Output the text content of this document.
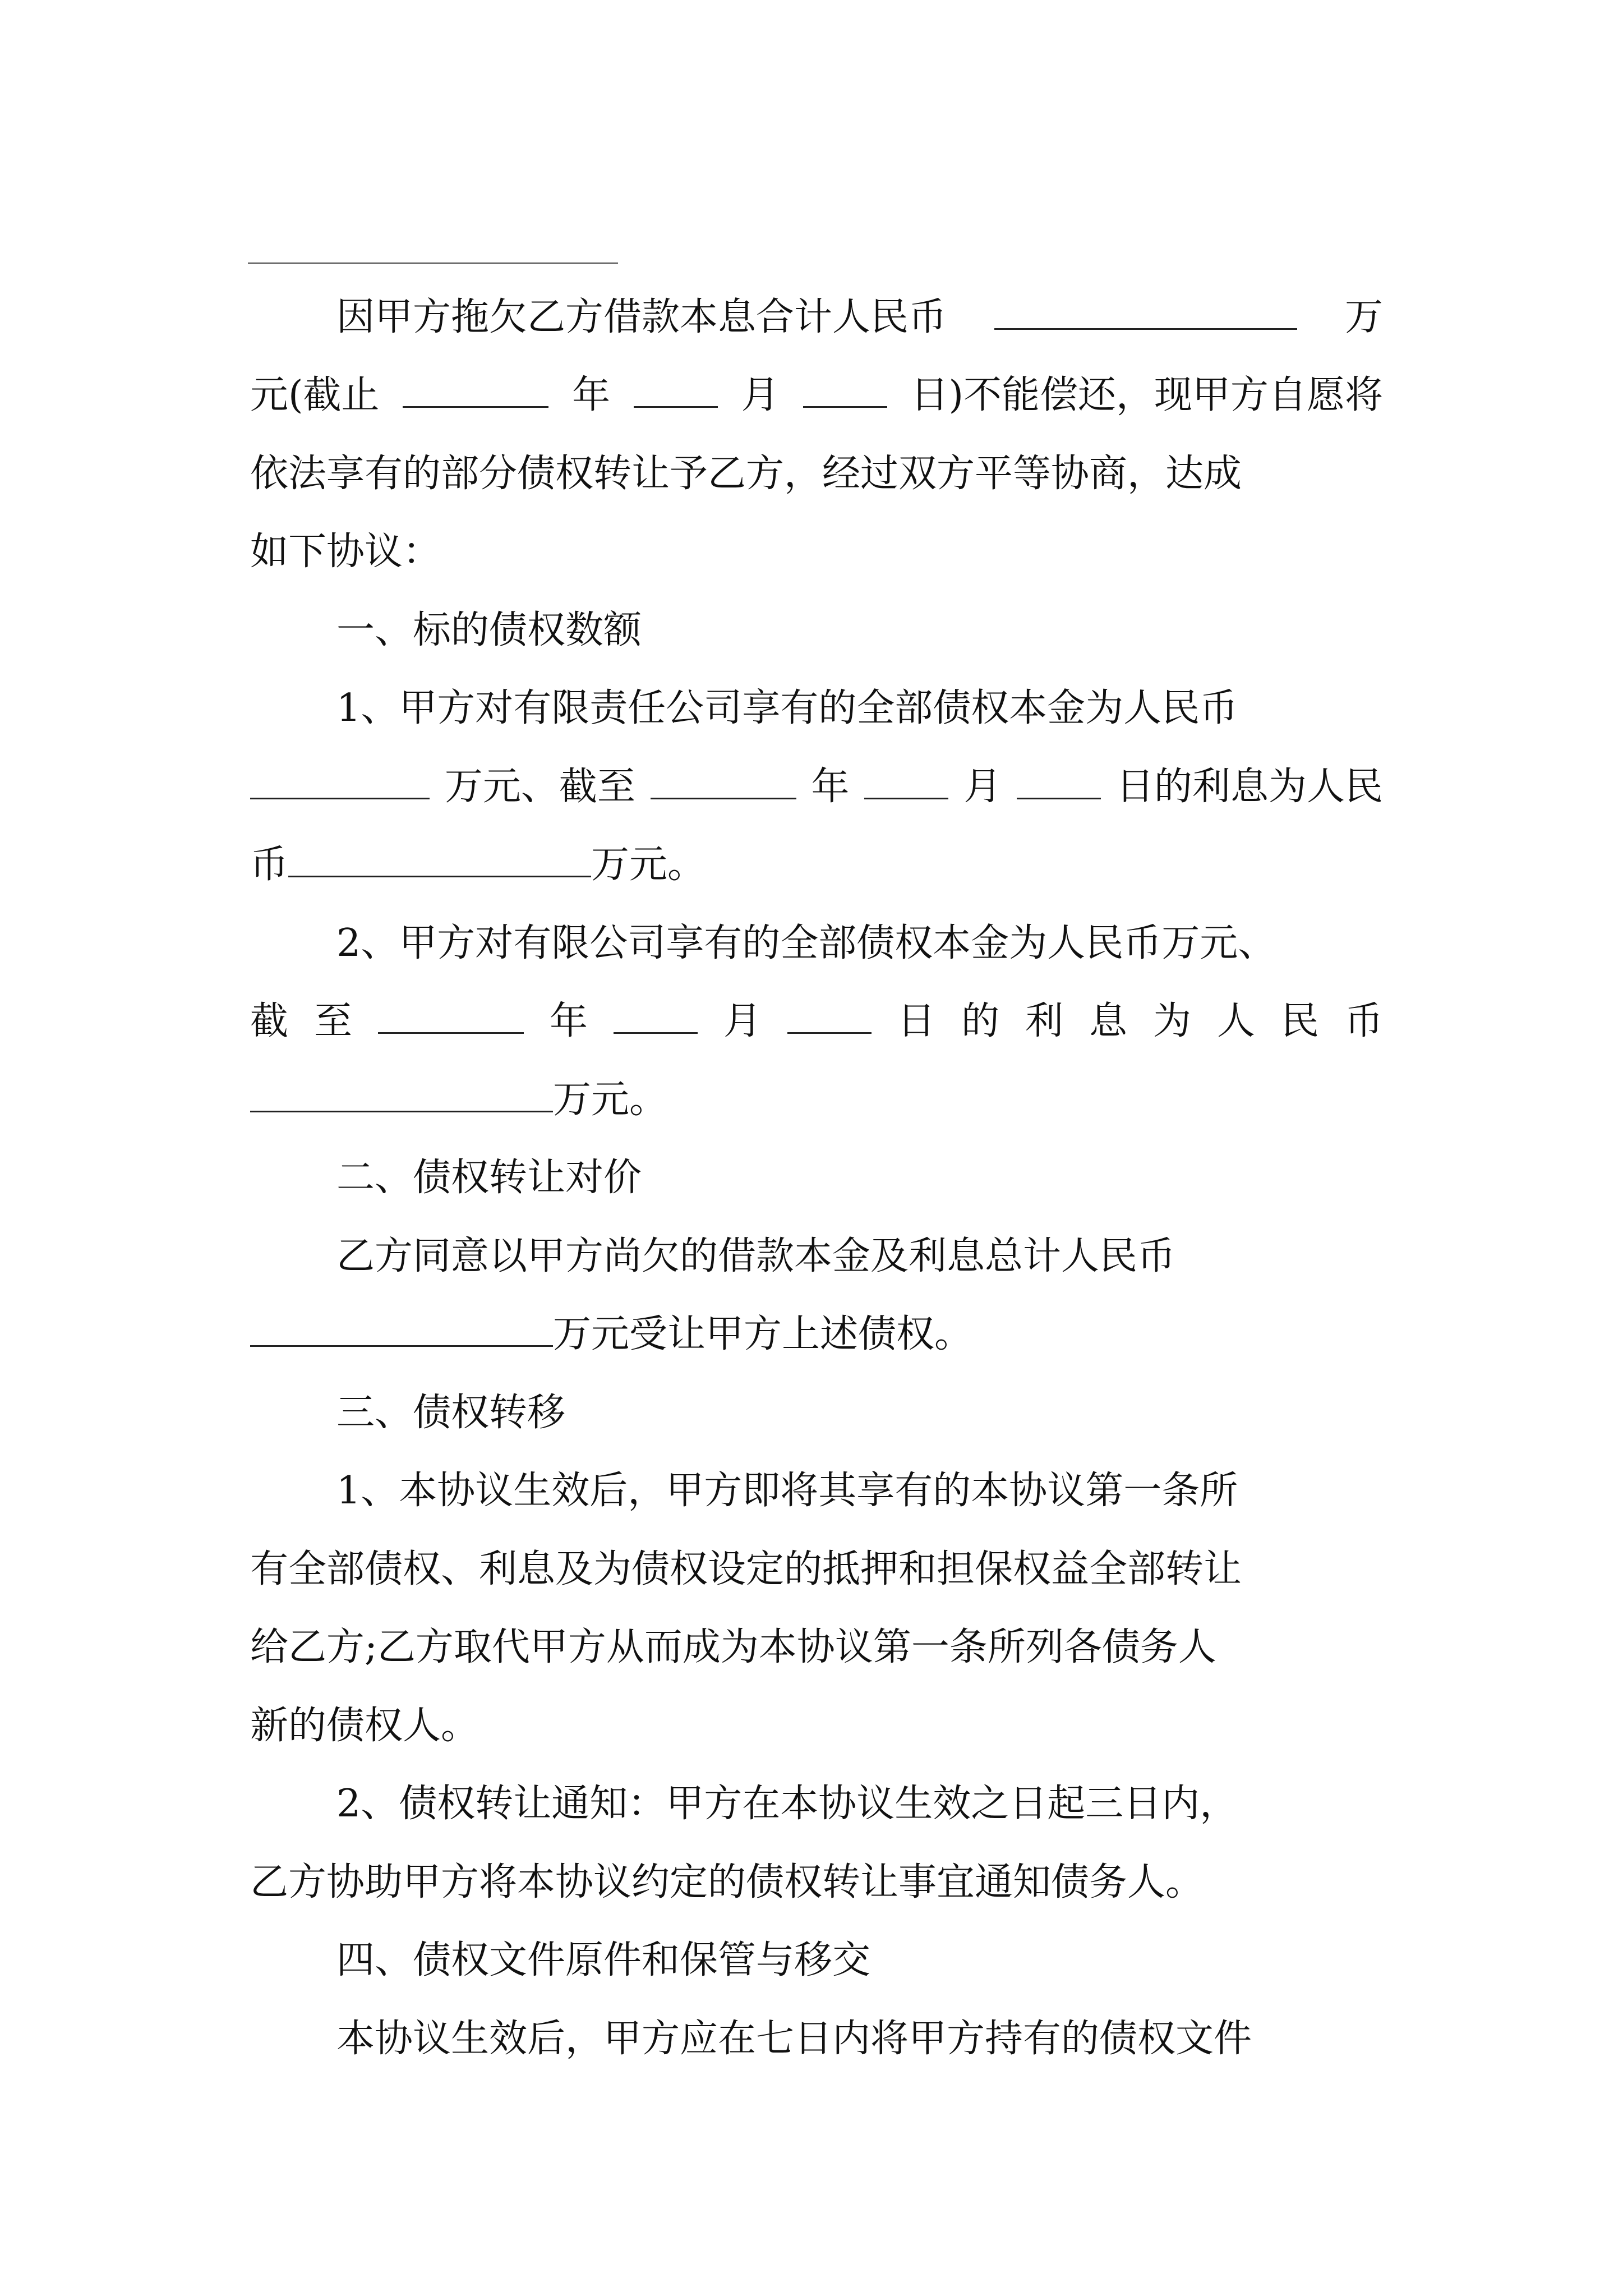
因甲方拖欠乙方借款本息合计人民币	万
元(截止	年	月	日)不能偿还，现甲方自愿将
依法享有的部分债权转让予乙方，经过双方平等协商，达成
如下协议：
一、标的债权数额
1、甲方对有限责任公司享有的全部债权本金为人民币
万元、截至	年	月	日的利息为人民
币	万元。
2、甲方对有限公司享有的全部债权本金为人民币万元、
截 至	年	月	日 的 利 息 为 人 民 币
万元。
二、债权转让对价
乙方同意以甲方尚欠的借款本金及利息总计人民币
万元受让甲方上述债权。
三、债权转移
1、本协议生效后，甲方即将其享有的本协议第一条所
有全部债权、利息及为债权设定的抵押和担保权益全部转让
给乙方;乙方取代甲方从而成为本协议第一条所列各债务人
新的债权人。
2、债权转让通知：甲方在本协议生效之日起三日内，
乙方协助甲方将本协议约定的债权转让事宜通知债务人。
四、债权文件原件和保管与移交
本协议生效后，甲方应在七日内将甲方持有的债权文件
